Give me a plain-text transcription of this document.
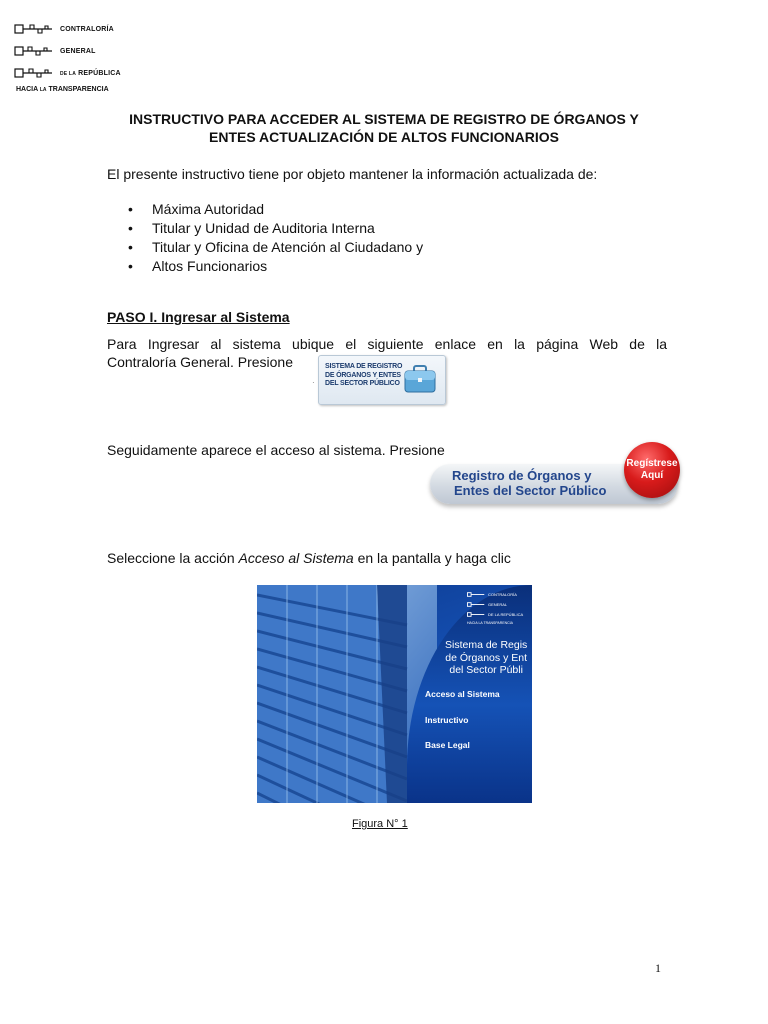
CONTRALORÍA
GENERAL
DE LA REPÚBLICA
HACIA LA TRANSPARENCIA
INSTRUCTIVO PARA ACCEDER AL SISTEMA DE REGISTRO DE ÓRGANOS Y
ENTES ACTUALIZACIÓN DE ALTOS FUNCIONARIOS
El presente instructivo tiene por objeto mantener la información actualizada de:
• Máxima Autoridad
• Titular y Unidad de Auditoria Interna
• Titular y Oficina de Atención al Ciudadano y
• Altos Funcionarios
PASO I. Ingresar al Sistema
Para Ingresar al sistema ubique el siguiente enlace en la página Web de la
Contraloría General. Presione
·
SISTEMA DE REGISTRO
DE ÓRGANOS Y ENTES
DEL SECTOR PÚBLICO
Seguidamente aparece el acceso al sistema. Presione
Registro de Órganos y
Entes del Sector Público
Regístrese
Aquí
Seleccione la acción Acceso al Sistema en la pantalla y haga clic
CONTRALORÍA
GENERAL
DE LA REPÚBLICA
HACIA LA TRANSPARENCIA
Sistema de Regis
de Órganos y Ent
del Sector Públi
Acceso al Sistema
Instructivo
Base Legal
Figura N° 1
1
